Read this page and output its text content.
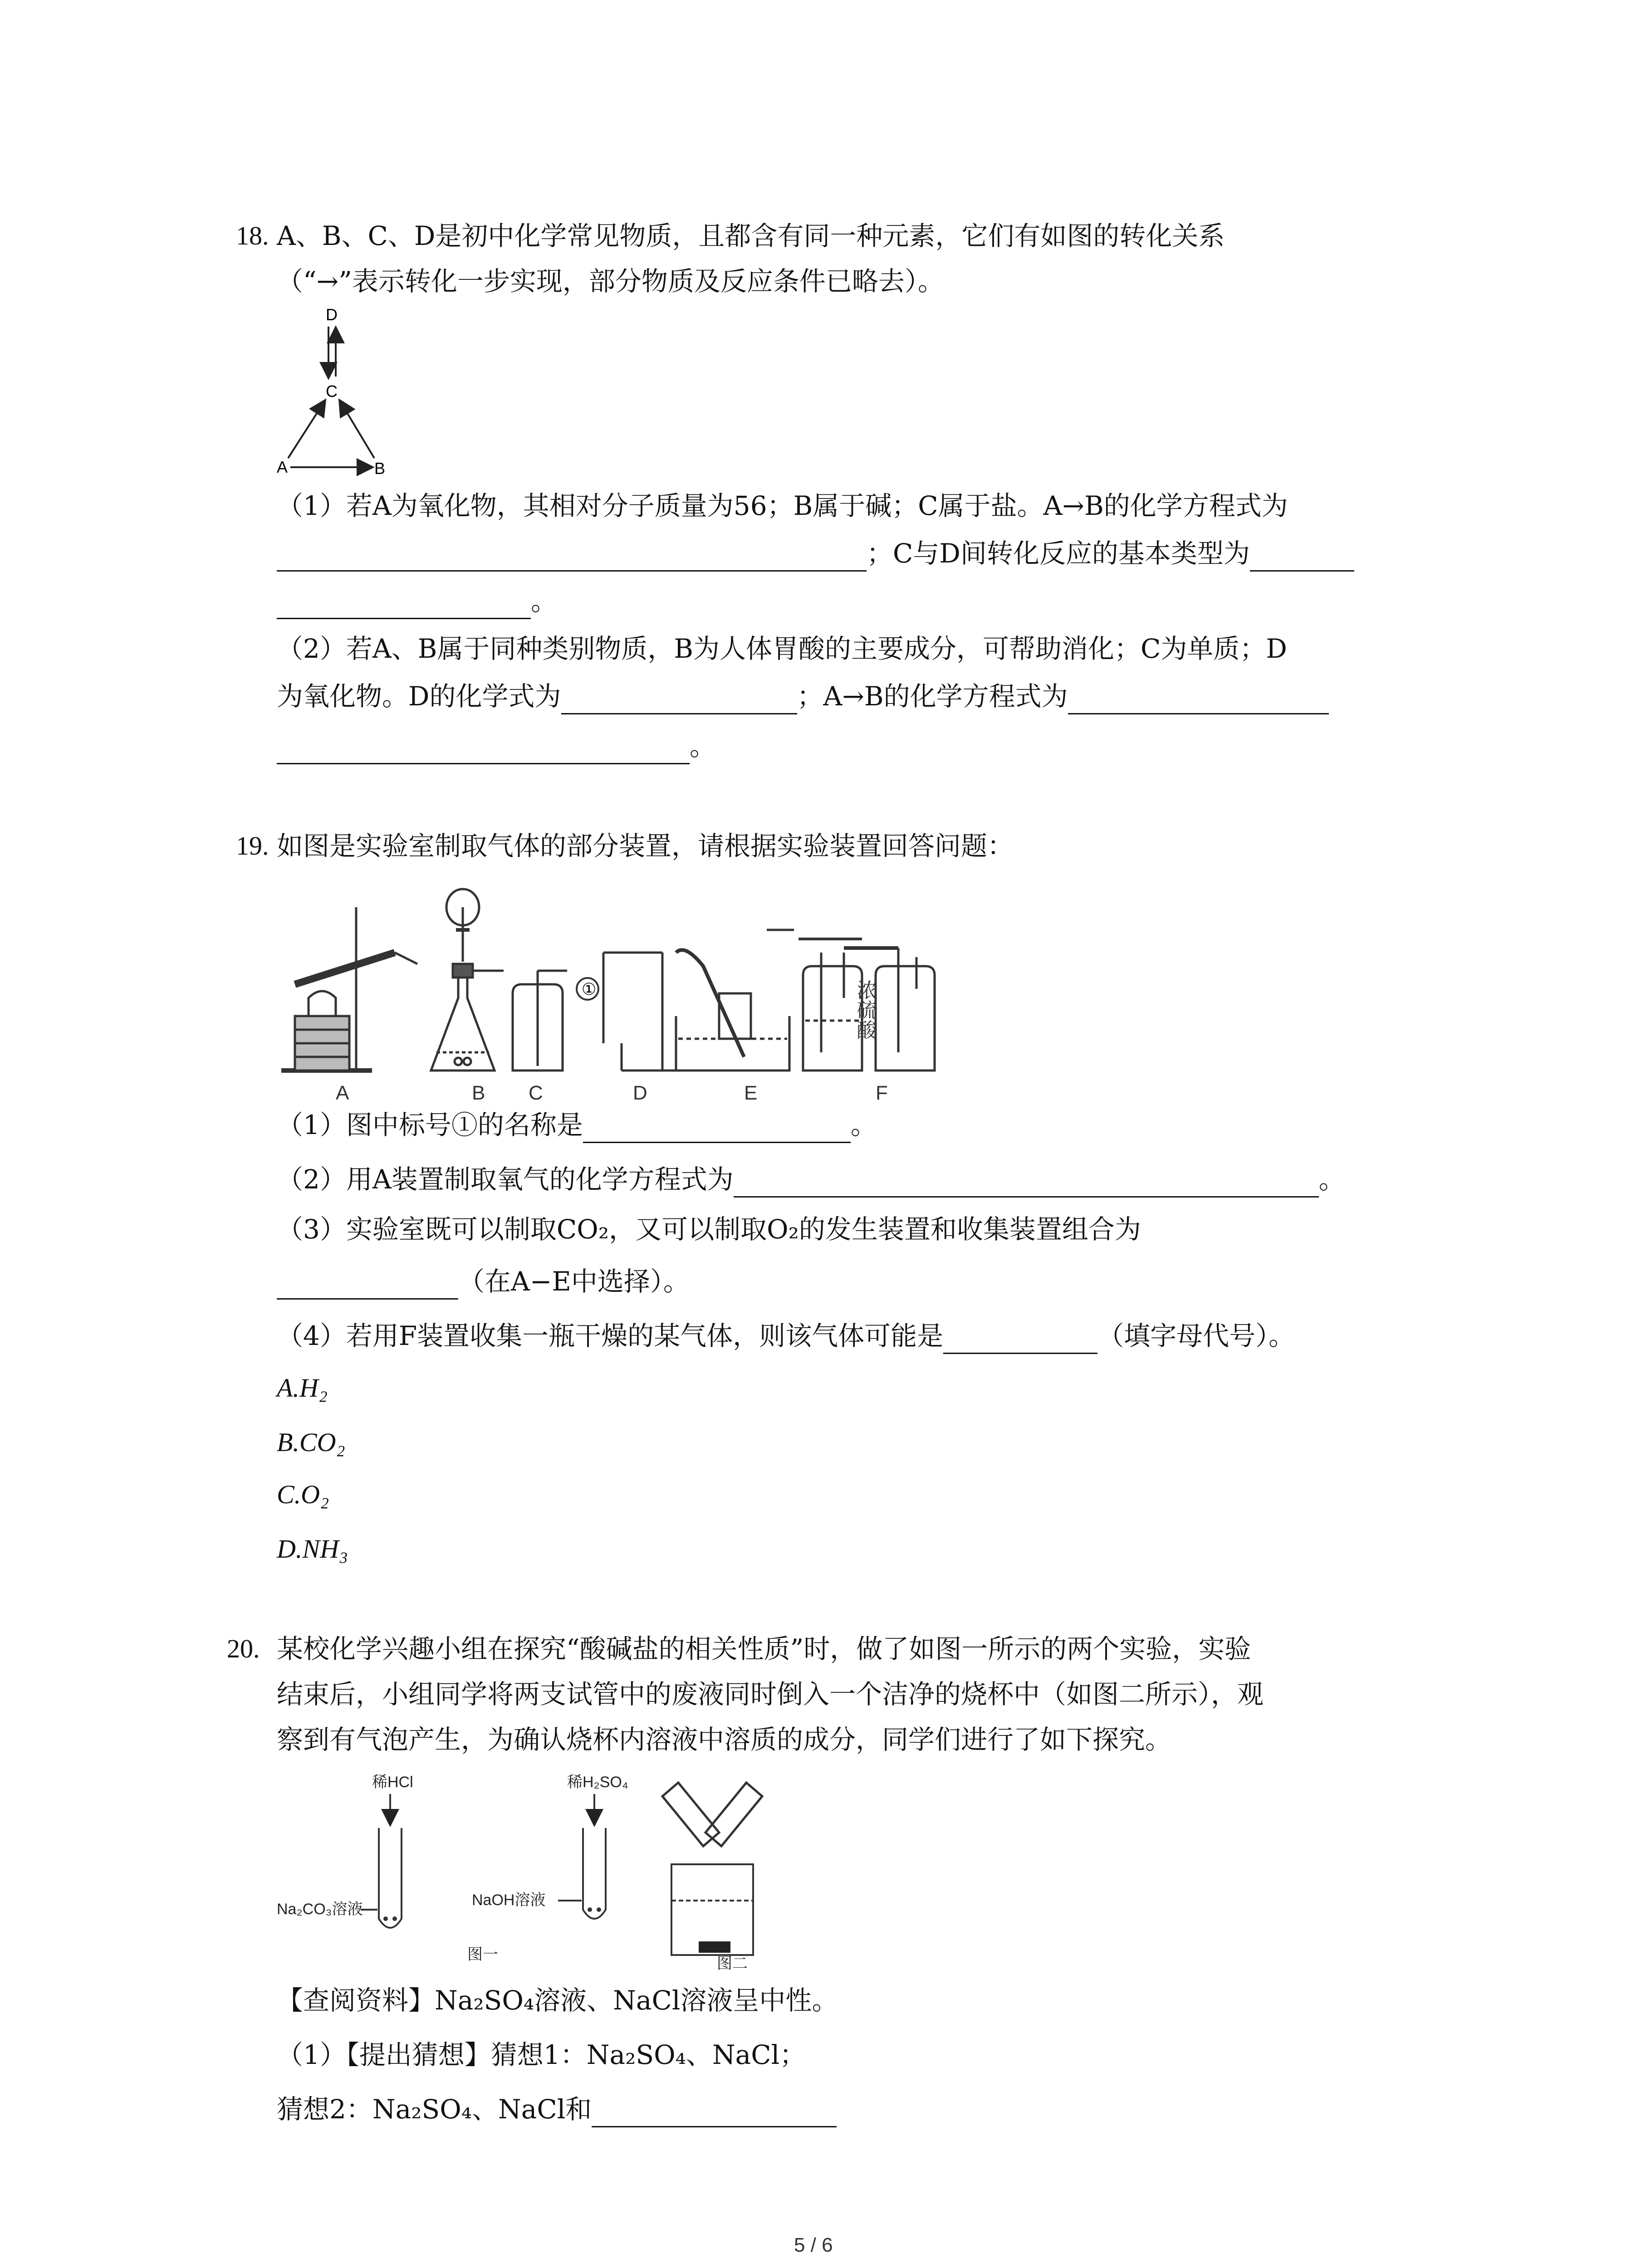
18. A、B、C、D是初中化学常见物质，且都含有同一种元素，它们有如图的转化关系
（“→”表示转化一步实现，部分物质及反应条件已略去）。
D
C
A	B
（1）若A为氧化物，其相对分子质量为56；B属于碱；C属于盐。A→B的化学方程式为
；C与D间转化反应的基本类型为
。
（2）若A、B属于同种类别物质，B为人体胃酸的主要成分，可帮助消化；C为单质；D
为氧化物。D的化学式为	；A→B的化学方程式为
。
19. 如图是实验室制取气体的部分装置，请根据实验装置回答问题：
①	浓硫酸
A	B C	D	E	F
（1）图中标号①的名称是	。
（2）用A装置制取氧气的化学方程式为	。
（3）实验室既可以制取CO₂，又可以制取O₂的发生装置和收集装置组合为
（在A−E中选择）。
（4）若用F装置收集一瓶干燥的某气体，则该气体可能是	（填字母代号）。
A.H₂
B.CO₂
C.O₂
D.NH₃
20. 某校化学兴趣小组在探究“酸碱盐的相关性质”时，做了如图一所示的两个实验，实验
结束后，小组同学将两支试管中的废液同时倒入一个洁净的烧杯中（如图二所示），观
察到有气泡产生，为确认烧杯内溶液中溶质的成分，同学们进行了如下探究。
稀HCl	稀H₂SO₄
Na₂CO₃溶液
NaOH溶液
图一
图二
【查阅资料】Na₂SO₄溶液、NaCl溶液呈中性。
（1）【提出猜想】猜想1：Na₂SO₄、NaCl；
猜想2：Na₂SO₄、NaCl和
5 / 6
